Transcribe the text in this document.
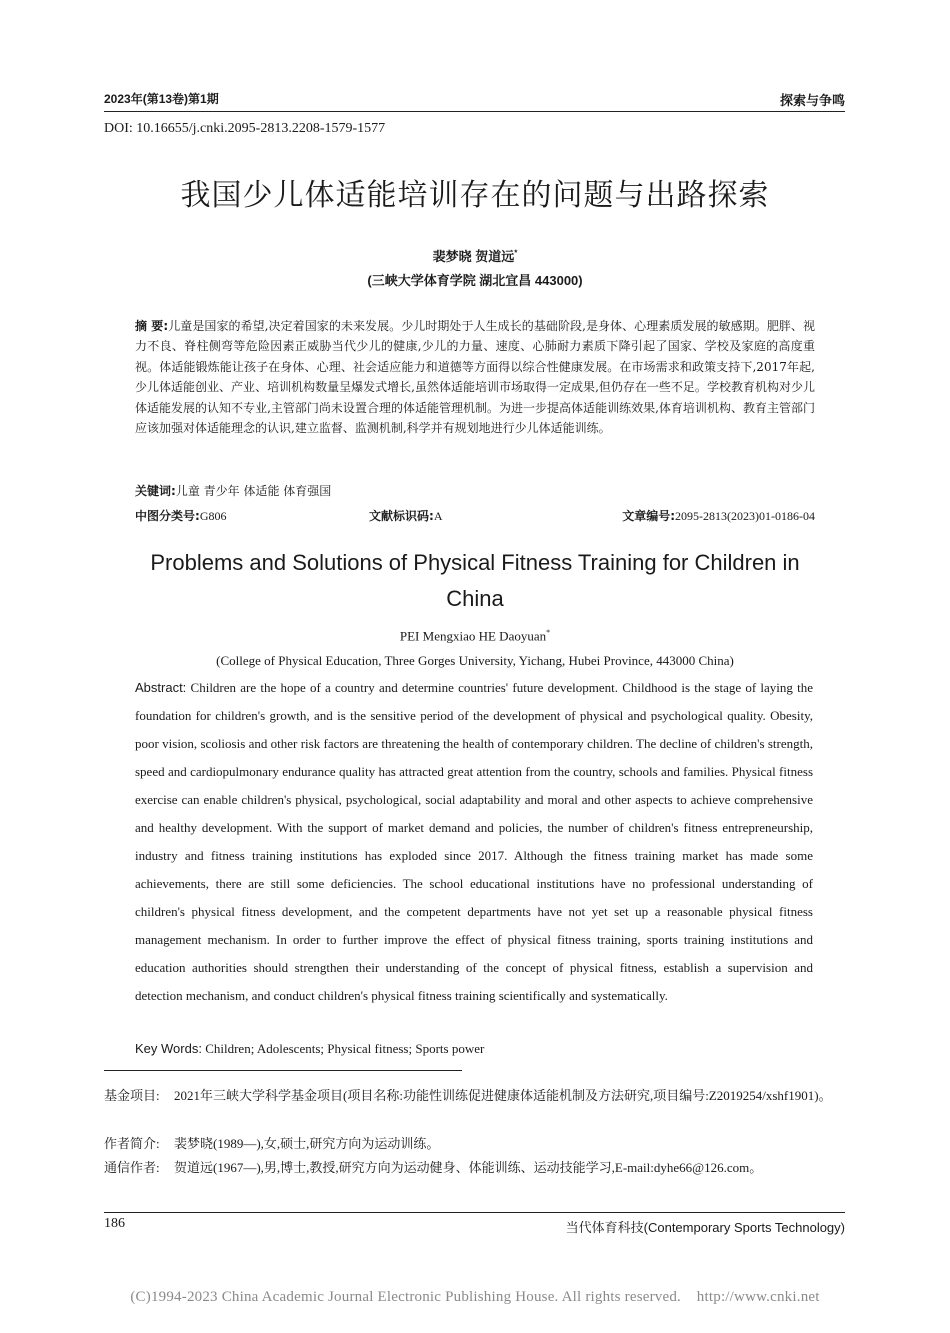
2023年(第13卷)第1期	探索与争鸣
DOI: 10.16655/j.cnki.2095-2813.2208-1579-1577
我国少儿体适能培训存在的问题与出路探索
裴梦晓 贺道远*
(三峡大学体育学院 湖北宜昌 443000)
摘 要:儿童是国家的希望,决定着国家的未来发展。少儿时期处于人生成长的基础阶段,是身体、心理素质发展的敏感期。肥胖、视力不良、脊柱侧弯等危险因素正威胁当代少儿的健康,少儿的力量、速度、心肺耐力素质下降引起了国家、学校及家庭的高度重视。体适能锻炼能让孩子在身体、心理、社会适应能力和道德等方面得以综合性健康发展。在市场需求和政策支持下,2017年起,少儿体适能创业、产业、培训机构数量呈爆发式增长,虽然体适能培训市场取得一定成果,但仍存在一些不足。学校教育机构对少儿体适能发展的认知不专业,主管部门尚未设置合理的体适能管理机制。为进一步提高体适能训练效果,体育培训机构、教育主管部门应该加强对体适能理念的认识,建立监督、监测机制,科学并有规划地进行少儿体适能训练。
关键词:儿童 青少年 体适能 体育强国
中图分类号:G806	文献标识码:A	文章编号:2095-2813(2023)01-0186-04
Problems and Solutions of Physical Fitness Training for Children in China
PEI Mengxiao HE Daoyuan*
(College of Physical Education, Three Gorges University, Yichang, Hubei Province, 443000 China)
Abstract: Children are the hope of a country and determine countries' future development. Childhood is the stage of laying the foundation for children's growth, and is the sensitive period of the development of physical and psychological quality. Obesity, poor vision, scoliosis and other risk factors are threatening the health of contemporary children. The decline of children's strength, speed and cardiopulmonary endurance quality has attracted great attention from the country, schools and families. Physical fitness exercise can enable children's physical, psychological, social adaptability and moral and other aspects to achieve comprehensive and healthy development. With the support of market demand and policies, the number of children's fitness entrepreneurship, industry and fitness training institutions has exploded since 2017. Although the fitness training market has made some achievements, there are still some deficiencies. The school educational institutions have no professional understanding of children's physical fitness development, and the competent departments have not yet set up a reasonable physical fitness management mechanism. In order to further improve the effect of physical fitness training, sports training institutions and education authorities should strengthen their understanding of the concept of physical fitness, establish a supervision and detection mechanism, and conduct children's physical fitness training scientifically and systematically.
Key Words: Children; Adolescents; Physical fitness; Sports power
基金项目: 2021年三峡大学科学基金项目(项目名称:功能性训练促进健康体适能机制及方法研究,项目编号:Z2019254/xshf1901)。
作者简介: 裴梦晓(1989—),女,硕士,研究方向为运动训练。
通信作者: 贺道远(1967—),男,博士,教授,研究方向为运动健身、体能训练、运动技能学习,E-mail:dyhe66@126.com。
186	当代体育科技(Contemporary Sports Technology)
(C)1994-2023 China Academic Journal Electronic Publishing House. All rights reserved.    http://www.cnki.net
